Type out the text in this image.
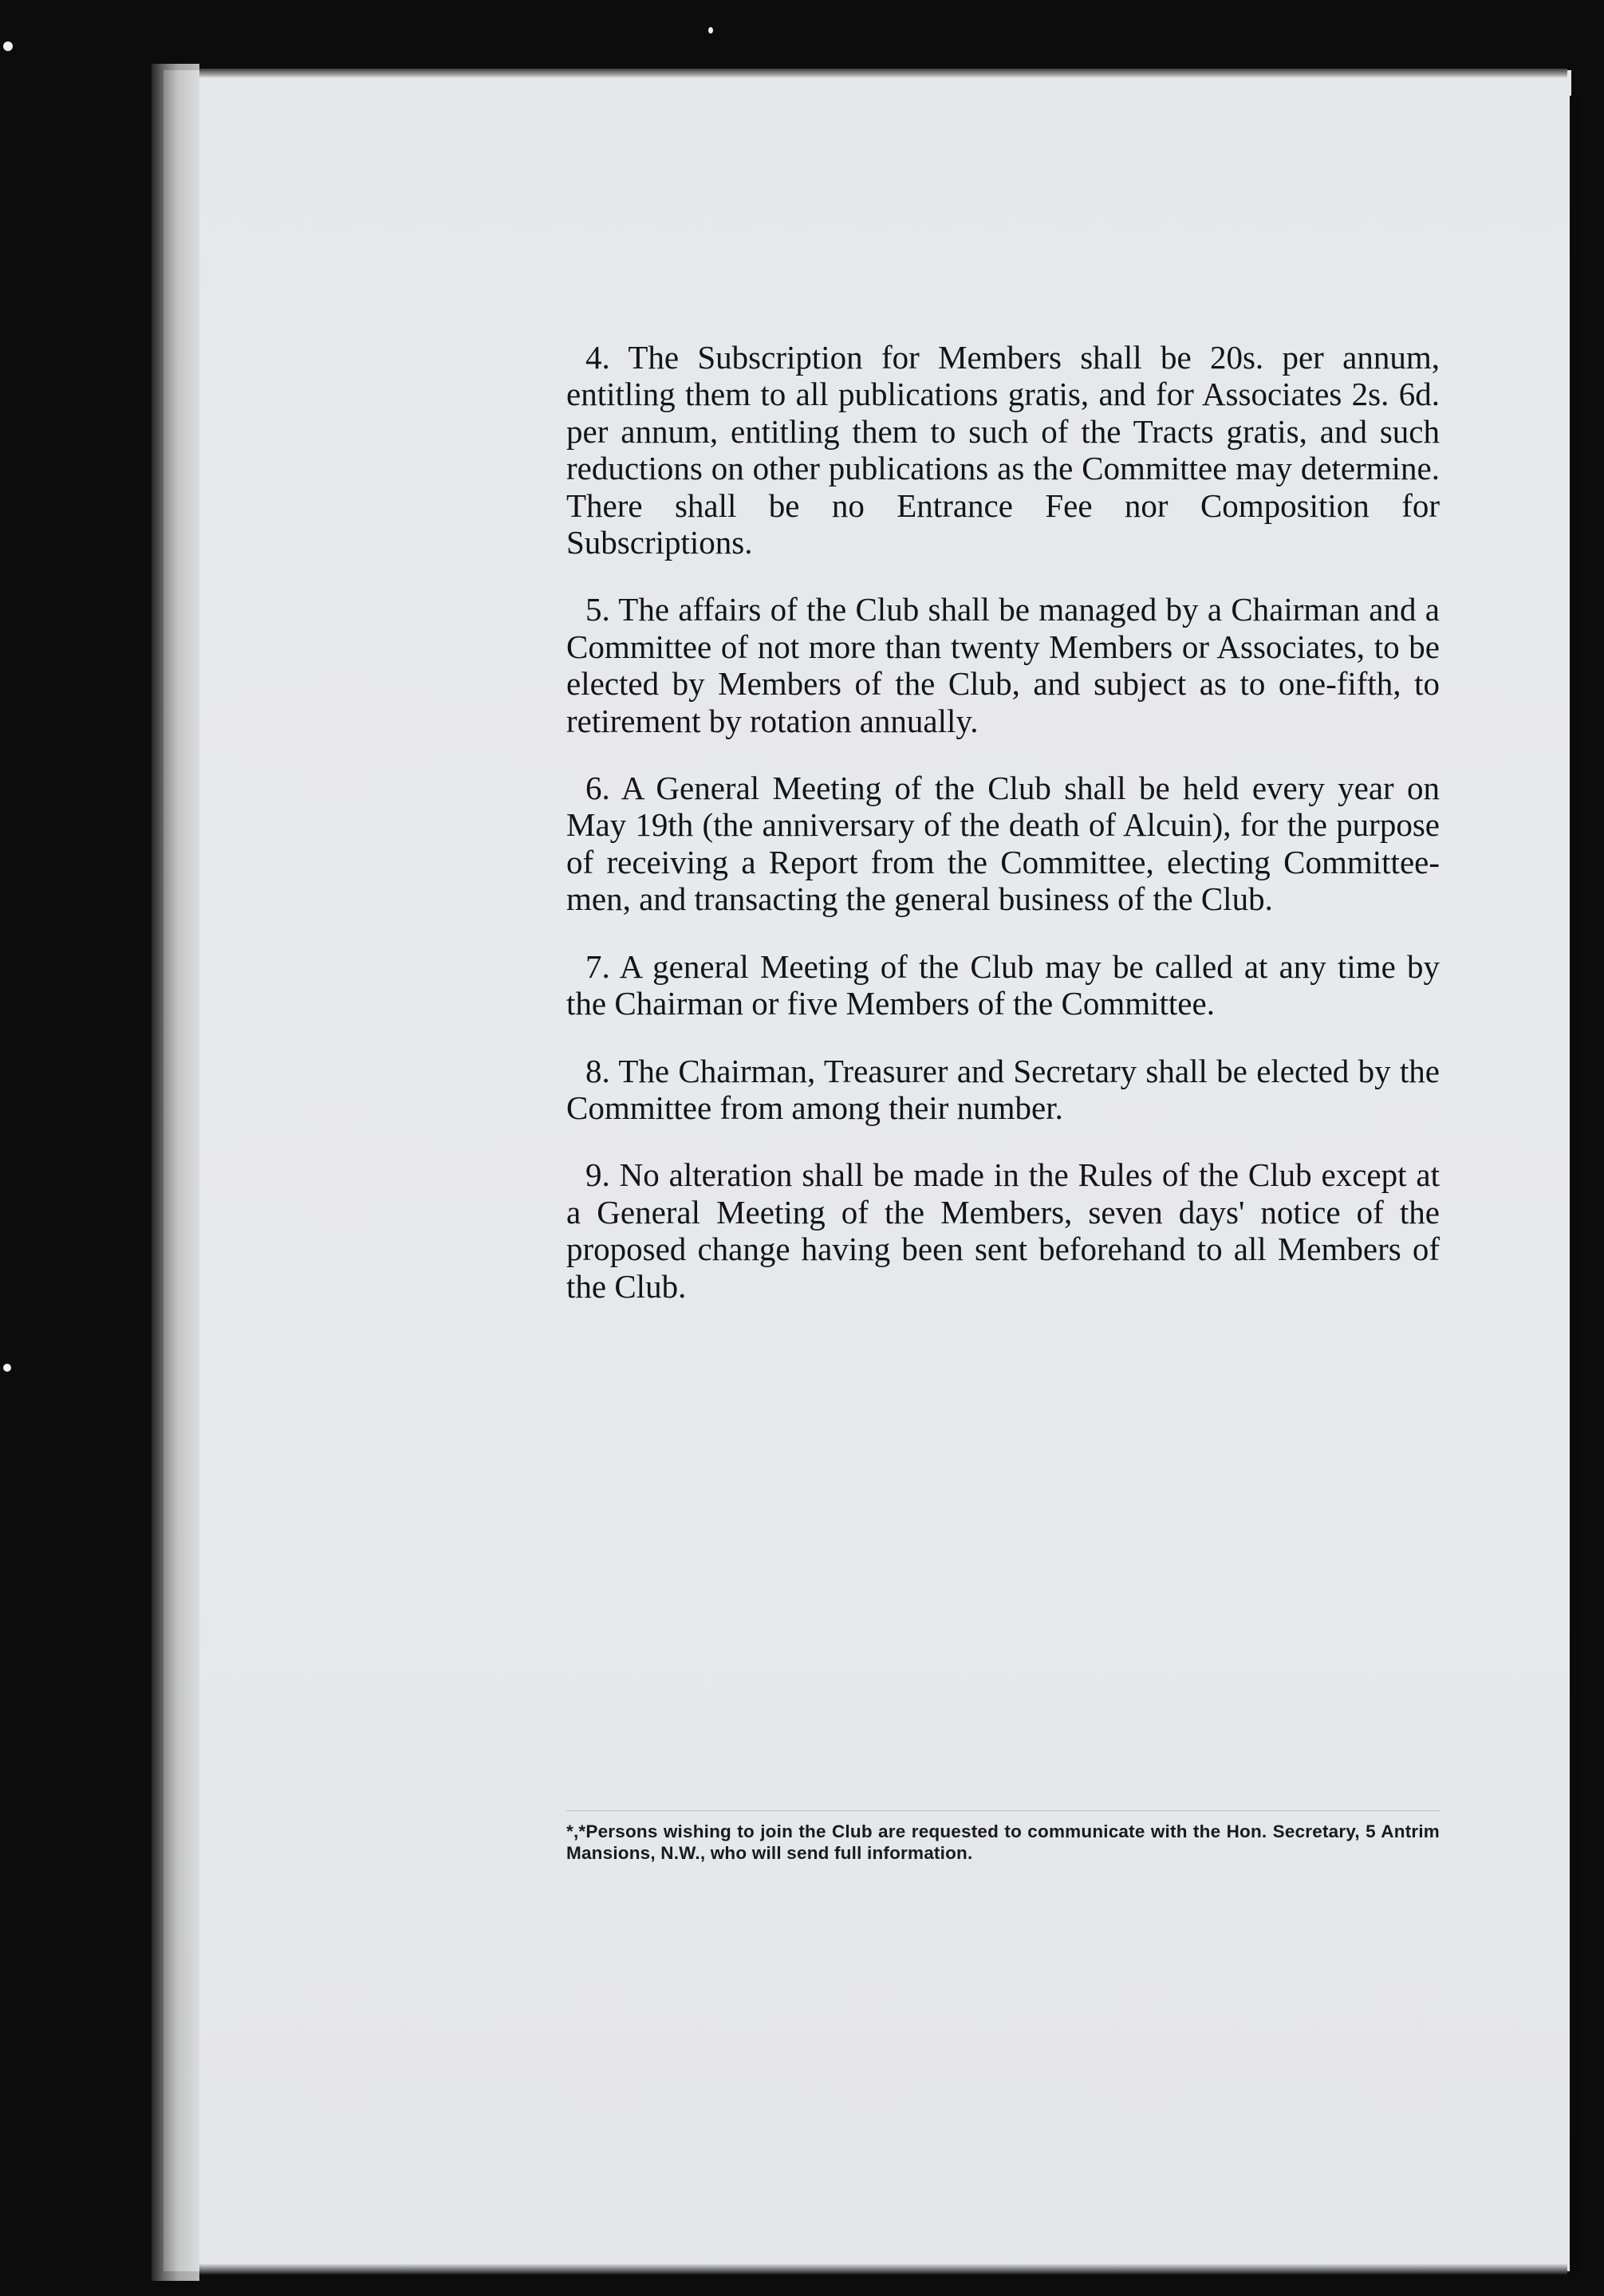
4. The Subscription for Members shall be 20s. per annum, entitling them to all publications gratis, and for Associates 2s. 6d. per annum, entitling them to such of the Tracts gratis, and such reductions on other publications as the Committee may determine. There shall be no Entrance Fee nor Composition for Subscriptions.

5. The affairs of the Club shall be managed by a Chairman and a Committee of not more than twenty Members or Associates, to be elected by Members of the Club, and subject as to one-fifth, to retirement by rotation annually.

6. A General Meeting of the Club shall be held every year on May 19th (the anniversary of the death of Alcuin), for the purpose of receiving a Report from the Committee, electing Committee-men, and transacting the general business of the Club.

7. A general Meeting of the Club may be called at any time by the Chairman or five Members of the Committee.

8. The Chairman, Treasurer and Secretary shall be elected by the Committee from among their number.

9. No alteration shall be made in the Rules of the Club except at a General Meeting of the Members, seven days' notice of the proposed change having been sent beforehand to all Members of the Club.

*,*Persons wishing to join the Club are requested to communicate with the Hon. Secretary, 5 Antrim Mansions, N.W., who will send full information.
